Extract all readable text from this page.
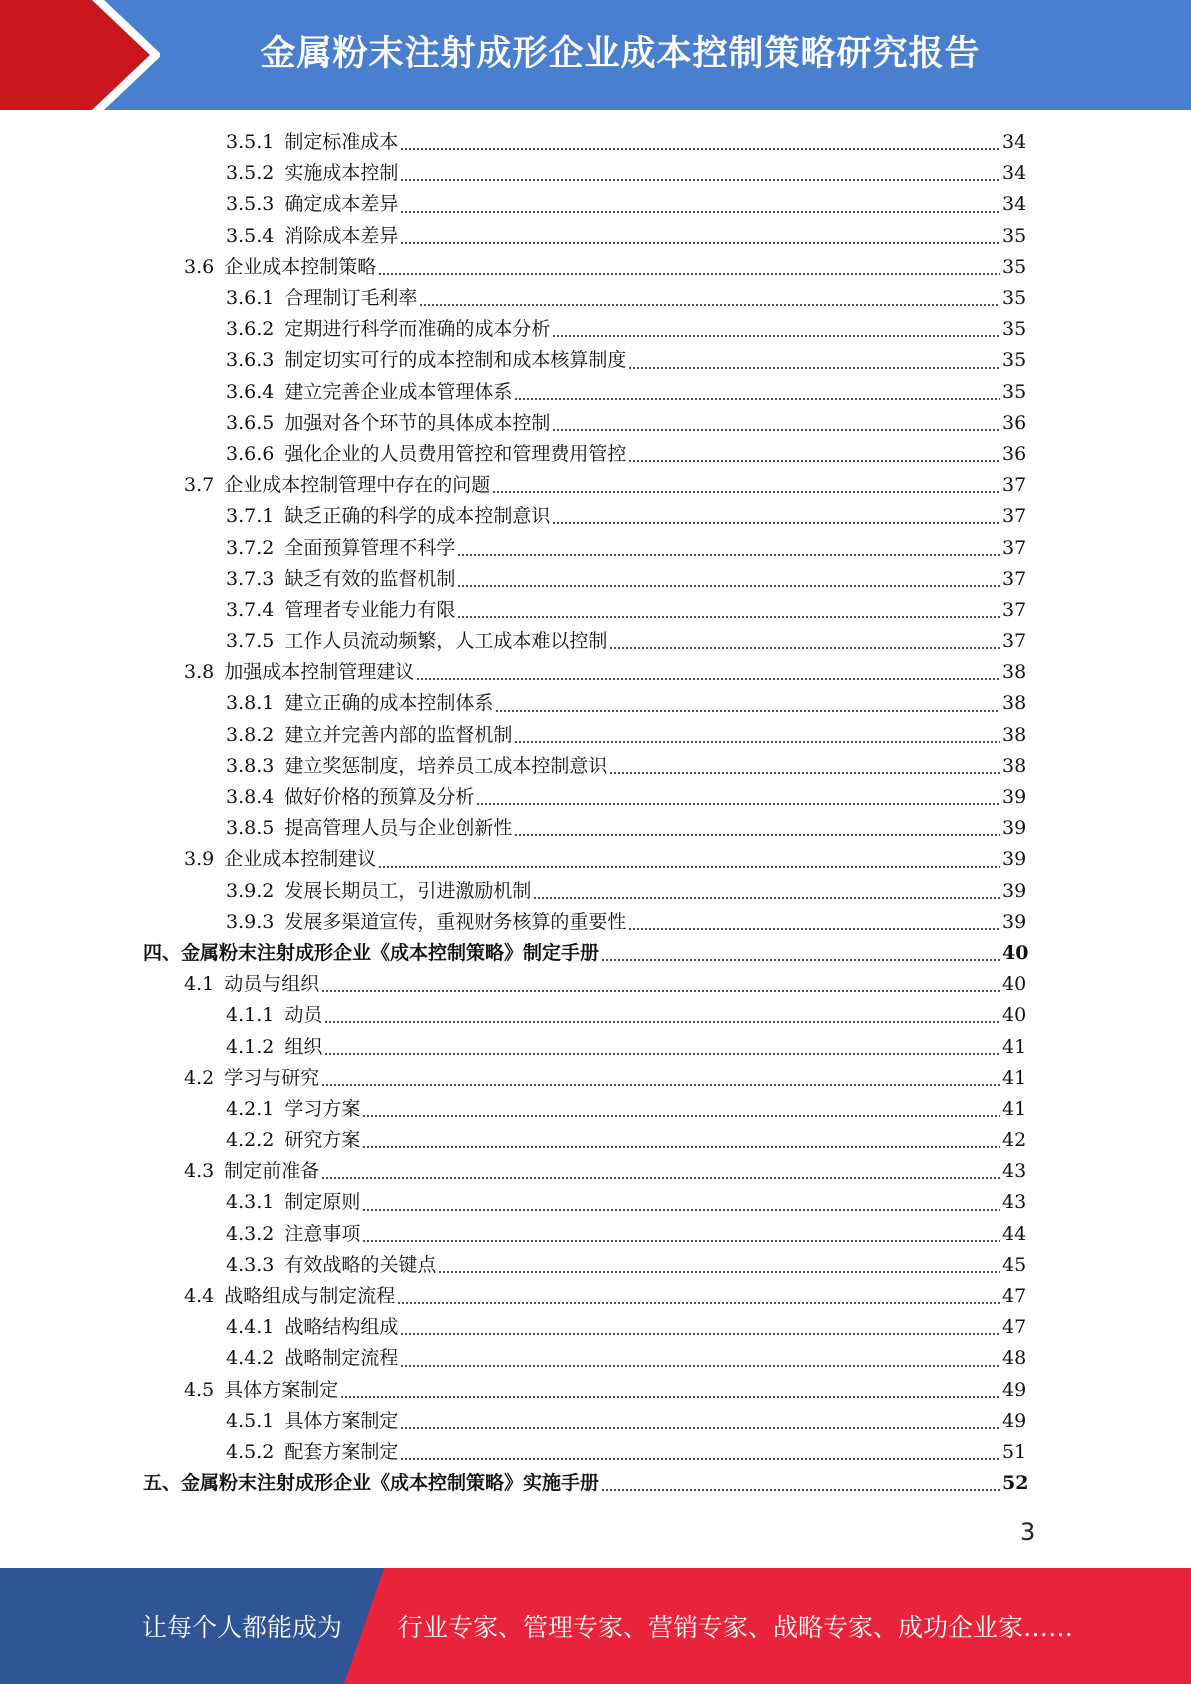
金属粉末注射成形企业成本控制策略研究报告
3.5.1 制定标准成本	34
3.5.2 实施成本控制	34
3.5.3 确定成本差异	34
3.5.4 消除成本差异	35
3.6 企业成本控制策略	35
3.6.1 合理制订毛利率	35
3.6.2 定期进行科学而准确的成本分析	35
3.6.3 制定切实可行的成本控制和成本核算制度	35
3.6.4 建立完善企业成本管理体系	35
3.6.5 加强对各个环节的具体成本控制	36
3.6.6 强化企业的人员费用管控和管理费用管控	36
3.7 企业成本控制管理中存在的问题	37
3.7.1 缺乏正确的科学的成本控制意识	37
3.7.2 全面预算管理不科学	37
3.7.3 缺乏有效的监督机制	37
3.7.4 管理者专业能力有限	37
3.7.5 工作人员流动频繁，人工成本难以控制	37
3.8 加强成本控制管理建议	38
3.8.1 建立正确的成本控制体系	38
3.8.2 建立并完善内部的监督机制	38
3.8.3 建立奖惩制度，培养员工成本控制意识	38
3.8.4 做好价格的预算及分析	39
3.8.5 提高管理人员与企业创新性	39
3.9 企业成本控制建议	39
3.9.2 发展长期员工，引进激励机制	39
3.9.3 发展多渠道宣传，重视财务核算的重要性	39
四、金属粉末注射成形企业《成本控制策略》制定手册	40
4.1 动员与组织	40
4.1.1 动员	40
4.1.2 组织	41
4.2 学习与研究	41
4.2.1 学习方案	41
4.2.2 研究方案	42
4.3 制定前准备	43
4.3.1 制定原则	43
4.3.2 注意事项	44
4.3.3 有效战略的关键点	45
4.4 战略组成与制定流程	47
4.4.1 战略结构组成	47
4.4.2 战略制定流程	48
4.5 具体方案制定	49
4.5.1 具体方案制定	49
4.5.2 配套方案制定	51
五、金属粉末注射成形企业《成本控制策略》实施手册	52
3
让每个人都能成为 行业专家、管理专家、营销专家、战略专家、成功企业家……
